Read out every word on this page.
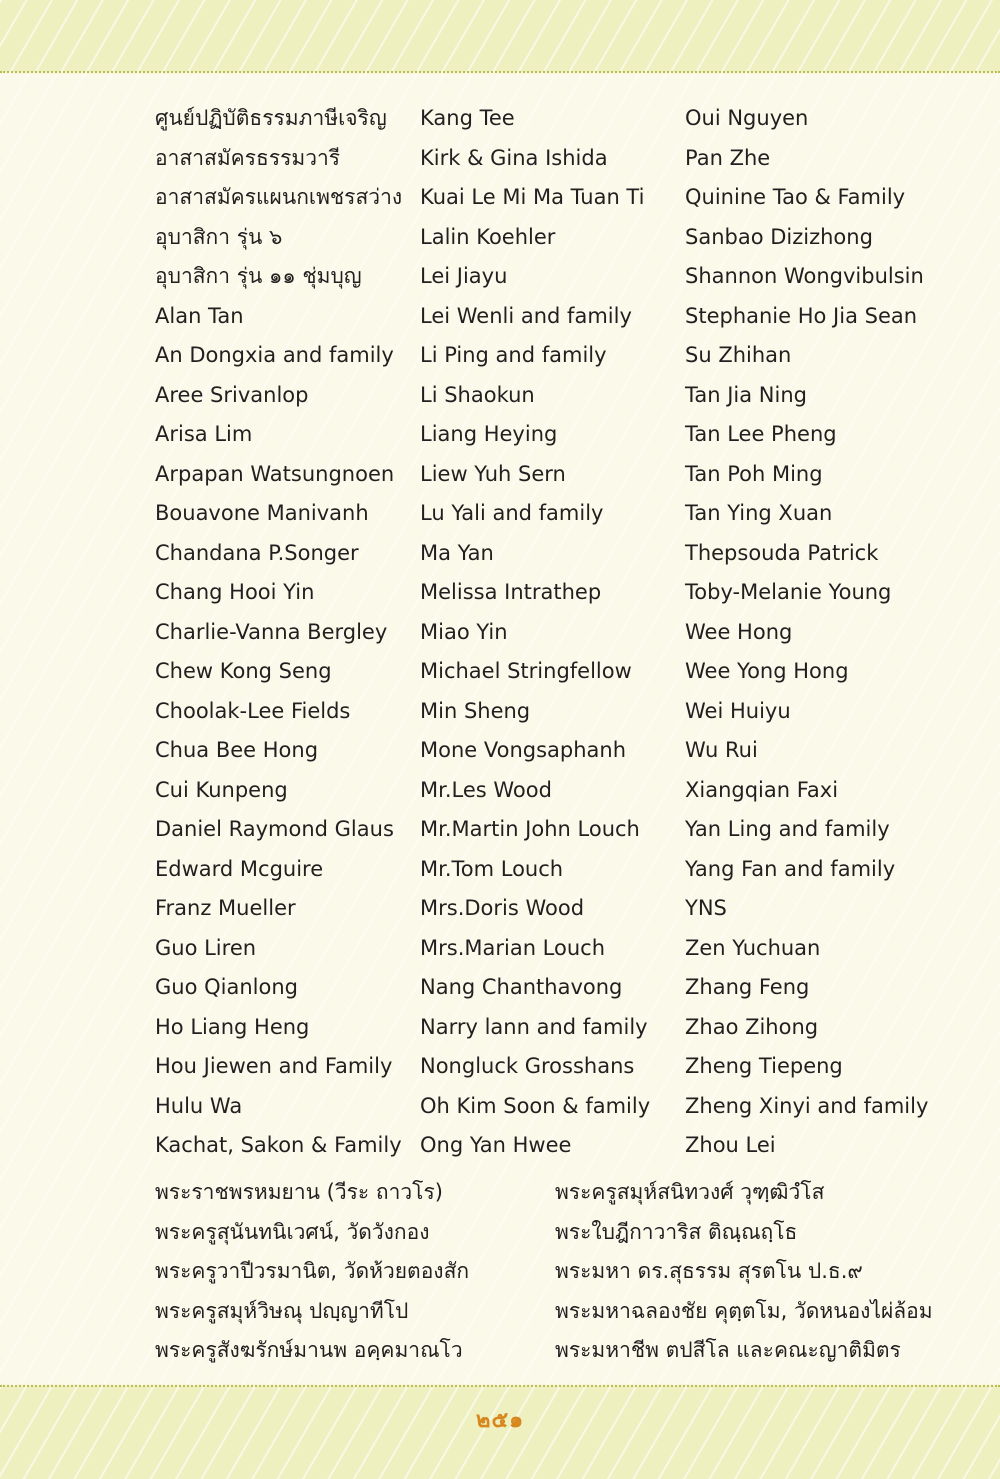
ศูนย์ปฏิบัติธรรมภาษีเจริญ
อาสาสมัครธรรมวารี
อาสาสมัครแผนกเพชรสว่าง
อุบาสิกา รุ่น ๖
อุบาสิกา รุ่น ๑๑ ชุ่มบุญ
Alan Tan
An Dongxia and family
Aree Srivanlop
Arisa Lim
Arpapan Watsungnoen
Bouavone Manivanh
Chandana P.Songer
Chang Hooi Yin
Charlie-Vanna Bergley
Chew Kong Seng
Choolak-Lee Fields
Chua Bee Hong
Cui Kunpeng
Daniel Raymond Glaus
Edward Mcguire
Franz Mueller
Guo Liren
Guo Qianlong
Ho Liang Heng
Hou Jiewen and Family
Hulu Wa
Kachat, Sakon & Family
Kang Tee
Kirk & Gina Ishida
Kuai Le Mi Ma Tuan Ti
Lalin Koehler
Lei Jiayu
Lei Wenli and family
Li Ping and family
Li Shaokun
Liang Heying
Liew Yuh Sern
Lu Yali and family
Ma Yan
Melissa Intrathep
Miao Yin
Michael Stringfellow
Min Sheng
Mone Vongsaphanh
Mr.Les Wood
Mr.Martin John Louch
Mr.Tom Louch
Mrs.Doris Wood
Mrs.Marian Louch
Nang Chanthavong
Narry lann and family
Nongluck Grosshans
Oh Kim Soon & family
Ong Yan Hwee
Oui Nguyen
Pan Zhe
Quinine Tao & Family
Sanbao Dizizhong
Shannon Wongvibulsin
Stephanie Ho Jia Sean
Su Zhihan
Tan Jia Ning
Tan Lee Pheng
Tan Poh Ming
Tan Ying Xuan
Thepsouda Patrick
Toby-Melanie Young
Wee Hong
Wee Yong Hong
Wei Huiyu
Wu Rui
Xiangqian Faxi
Yan Ling and family
Yang Fan and family
YNS
Zen Yuchuan
Zhang Feng
Zhao Zihong
Zheng Tiepeng
Zheng Xinyi and family
Zhou Lei
พระราชพรหมยาน (วีระ ถาวโร)
พระครูสุนันทนิเวศน์, วัดวังกอง
พระครูวาปีวรมานิต, วัดห้วยตองสัก
พระครูสมุห์วิษณุ ปญฺญาทีโป
พระครูสังฆรักษ์มานพ อคฺคมาณโว
พระครูสมุห์สนิทวงศ์ วุฑฺฒิวํโส
พระใบฎีกาวาริส ติณฺณถฺโธ
พระมหา ดร.สุธรรม สุรตโน ป.ธ.๙
พระมหาฉลองชัย คุตฺตโม, วัดหนองไผ่ล้อม
พระมหาชีพ ตปสีโล และคณะญาติมิตร
๒๕๑
